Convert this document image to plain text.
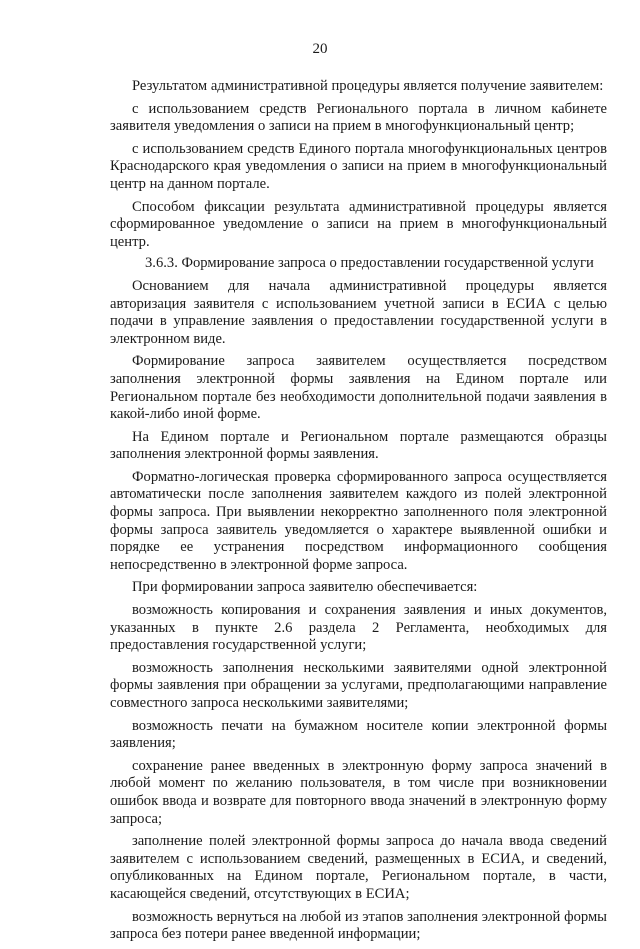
20

Результатом административной процедуры является получение заявителем:

с использованием средств Регионального портала в личном кабинете заявителя уведомления о записи на прием в многофункциональный центр;

с использованием средств Единого портала многофункциональных центров Краснодарского края уведомления о записи на прием в многофункциональный центр на данном портале.

Способом фиксации результата административной процедуры является сформированное уведомление о записи на прием в многофункциональный центр.

3.6.3. Формирование запроса о предоставлении государственной услуги

Основанием для начала административной процедуры является авторизация заявителя с использованием учетной записи в ЕСИА с целью подачи в управление заявления о предоставлении государственной услуги в электронном виде.

Формирование запроса заявителем осуществляется посредством заполнения электронной формы заявления на Едином портале или Региональном портале без необходимости дополнительной подачи заявления в какой-либо иной форме.

На Едином портале и Региональном портале размещаются образцы заполнения электронной формы заявления.

Форматно-логическая проверка сформированного запроса осуществляется автоматически после заполнения заявителем каждого из полей электронной формы запроса. При выявлении некорректно заполненного поля электронной формы запроса заявитель уведомляется о характере выявленной ошибки и порядке ее устранения посредством информационного сообщения непосредственно в электронной форме запроса.

При формировании запроса заявителю обеспечивается:

возможность копирования и сохранения заявления и иных документов, указанных в пункте 2.6 раздела 2 Регламента, необходимых для предоставления государственной услуги;

возможность заполнения несколькими заявителями одной электронной формы заявления при обращении за услугами, предполагающими направление совместного запроса несколькими заявителями;

возможность печати на бумажном носителе копии электронной формы заявления;

сохранение ранее введенных в электронную форму запроса значений в любой момент по желанию пользователя, в том числе при возникновении ошибок ввода и возврате для повторного ввода значений в электронную форму запроса;

заполнение полей электронной формы запроса до начала ввода сведений заявителем с использованием сведений, размещенных в ЕСИА, и сведений, опубликованных на Едином портале, Региональном портале, в части, касающейся сведений, отсутствующих в ЕСИА;

возможность вернуться на любой из этапов заполнения электронной формы запроса без потери ранее введенной информации;
